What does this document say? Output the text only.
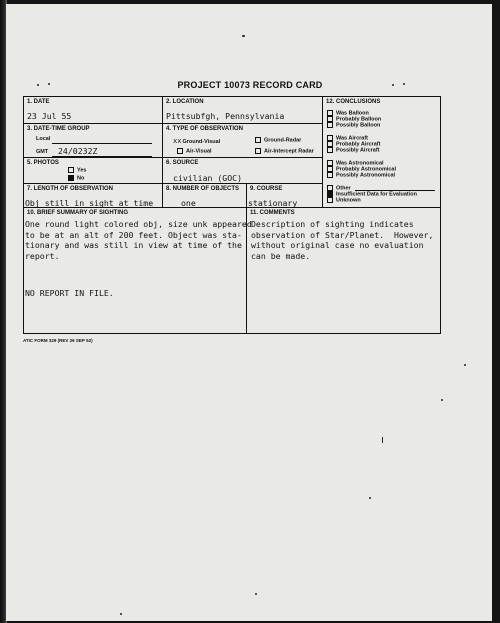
PROJECT 10073 RECORD CARD
1. DATE
23 Jul 55
2. LOCATION
Pittsubfgh, Pennsylvania
3. DATE-TIME GROUP
Local
GMT 24/0232Z
4. TYPE OF OBSERVATION
xxGround-Visual	Ground-Radar
Air-Visual	Air-Intercept Radar
5. PHOTOS
Yes
No
6. SOURCE
civilian (GOC)
7. LENGTH OF OBSERVATION
Obj still in sight at time
8. NUMBER OF OBJECTS
one
9. COURSE
stationary
12. CONCLUSIONS
Was Balloon
Probably Balloon
Possibly Balloon
Was Aircraft
Probably Aircraft
Possibly Aircraft
Was Astronomical
Probably Astronomical
Possibly Astronomical
Other
Insufficient Data for Evaluation
Unknown
10. BRIEF SUMMARY OF SIGHTING
One round light colored obj, size unk appeared
to be at an alt of 200 feet. Object was sta-
tionary and was still in view at time of the
report.
NO REPORT IN FILE.
11. COMMENTS
Description of sighting indicates
observation of Star/Planet.  However,
without original case no evaluation
can be made.
ATIC FORM 329 (REV 26 SEP 52)
